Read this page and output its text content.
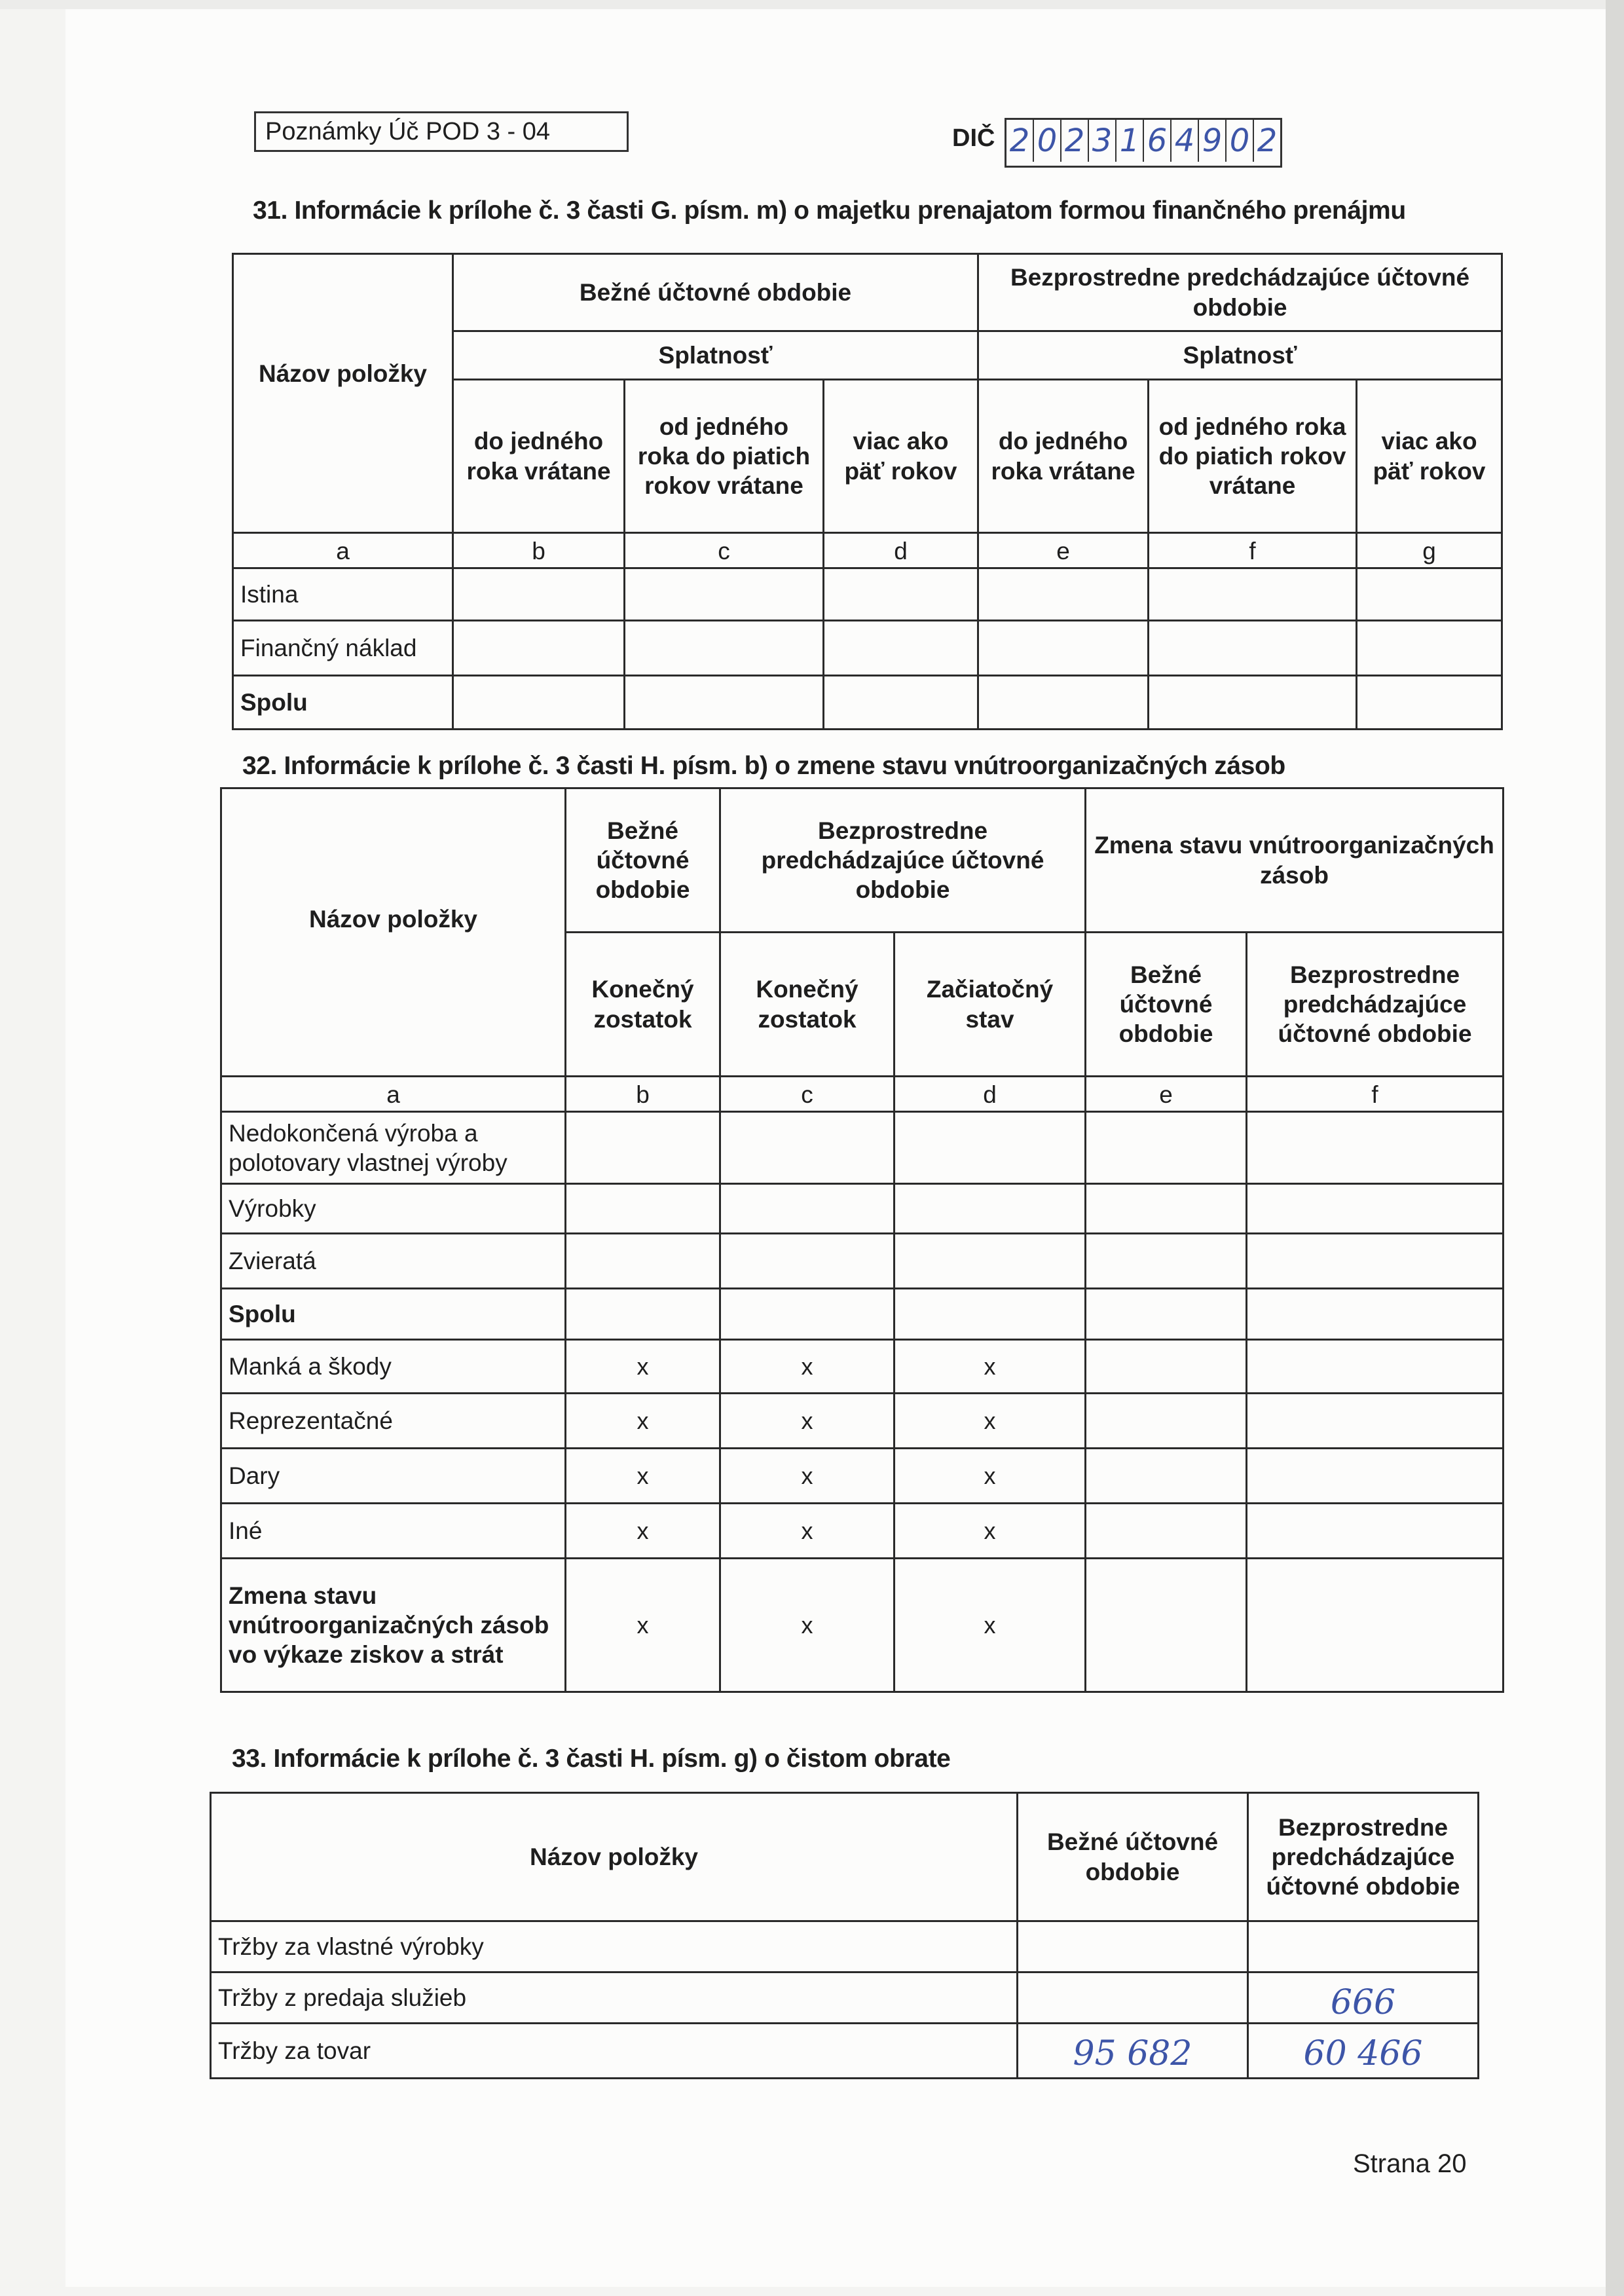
Poznámky Úč POD 3 - 04	DIČ 2 0 2 3 1 6 4 9 0 2
31. Informácie k prílohe č. 3 časti G. písm. m) o majetku prenajatom formou finančného prenájmu
Názov položky	Bežné účtovné obdobie			Bezprostredne predchádzajúce účtovné obdobie		
	Splatnosť			Splatnosť		
	do jedného roka vrátane	od jedného roka do piatich rokov vrátane	viac ako päť rokov	do jedného roka vrátane	od jedného roka do piatich rokov vrátane	viac ako päť rokov
a	b	c	d	e	f	g
Istina						
Finančný náklad						
Spolu						
32. Informácie k prílohe č. 3 časti H. písm. b) o zmene stavu vnútroorganizačných zásob
Názov položky	Bežné účtovné obdobie	Bezprostredne predchádzajúce účtovné obdobie		Zmena stavu vnútroorganizačných zásob	
	Konečný zostatok	Konečný zostatok	Začiatočný stav	Bežné účtovné obdobie	Bezprostredne predchádzajúce účtovné obdobie
a	b	c	d	e	f
Nedokončená výroba a polotovary vlastnej výroby					
Výrobky					
Zvieratá					
Spolu					
Manká a škody	x	x	x		
Reprezentačné	x	x	x		
Dary	x	x	x		
Iné	x	x	x		
Zmena stavu vnútroorganizačných zásob vo výkaze ziskov a strát	x	x	x		
33. Informácie k prílohe č. 3 časti H. písm. g) o čistom obrate
Názov položky	Bežné účtovné obdobie	Bezprostredne predchádzajúce účtovné obdobie
Tržby za vlastné výrobky		
Tržby z predaja služieb		666
Tržby za tovar	95 682	60 466
Strana 20
